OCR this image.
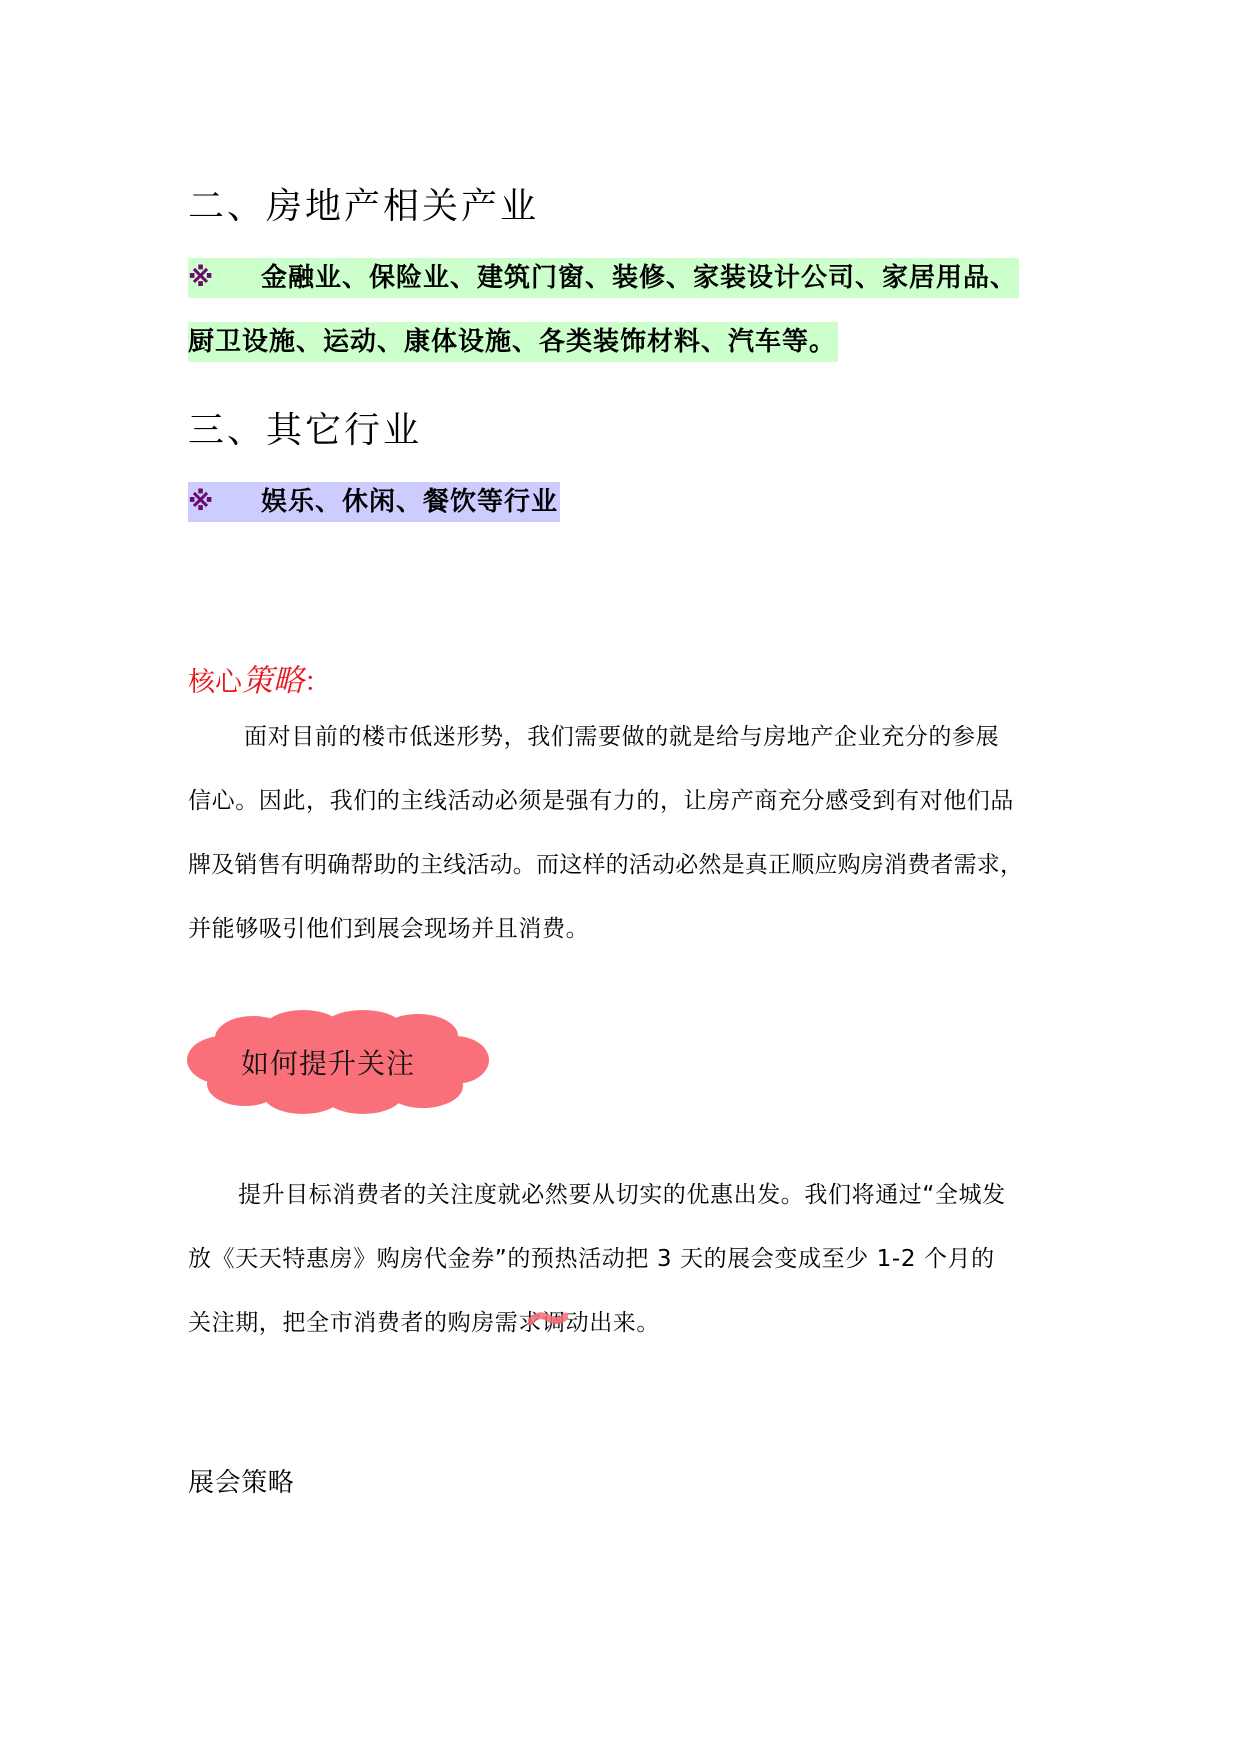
二、房地产相关产业
※ 金融业、保险业、建筑门窗、装修、家装设计公司、家居用品、
厨卫设施、运动、康体设施、各类装饰材料、汽车等。
三、其它行业
※ 娱乐、休闲、餐饮等行业
核心策略：
面对目前的楼市低迷形势，我们需要做的就是给与房地产企业充分的参展
信心。因此，我们的主线活动必须是强有力的，让房产商充分感受到有对他们品
牌及销售有明确帮助的主线活动。而这样的活动必然是真正顺应购房消费者需求，
并能够吸引他们到展会现场并且消费。
如何提升关注
提升目标消费者的关注度就必然要从切实的优惠出发。我们将通过“全城发
放《天天特惠房》购房代金券”的预热活动把 3 天的展会变成至少 1-2 个月的
关注期，把全市消费者的购房需求调动出来。
展会策略
